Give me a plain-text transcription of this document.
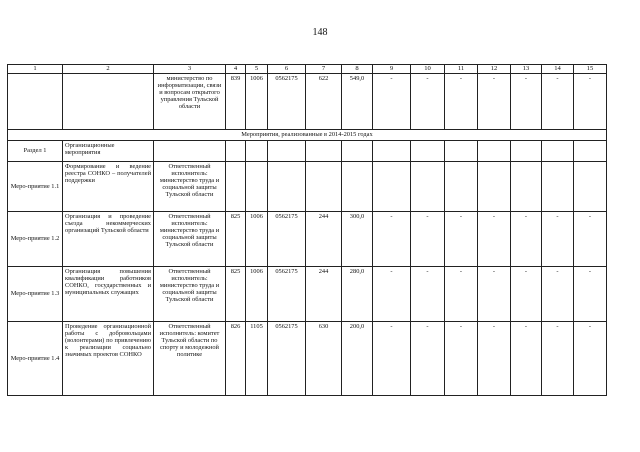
148
1	2	3	4	5	6	7	8	9	10	11	12	13	14	15
		министерство по информатизации, связи и вопросам открытого управления Тульской области	839	1006	0562175	622	549,0	-	-	-	-	-	-	-
Мероприятия, реализованные в 2014-2015 годах														
Раздел 1	Организационные мероприятия													
Меро-приятие 1.1	Формирование и ведение реестра СОНКО – получателей поддержки	Ответственный исполнитель: министерство труда и социальной защиты Тульской области												
Меро-приятие 1.2	Организация и проведение съезда некоммерческих организаций Тульской области	Ответственный исполнитель: министерство труда и социальной защиты Тульской области	825	1006	0562175	244	300,0	-	-	-	-	-	-	-
Меро-приятие 1.3	Организация повышения квалификации работников СОНКО, государственных и муниципальных служащих	Ответственный исполнитель: министерство труда и социальной защиты Тульской области	825	1006	0562175	244	280,0	-	-	-	-	-	-	-
Меро-приятие 1.4	Проведение организационной работы с добровольцами (волонтерами) по привлечению к реализации социально значимых проектов СОНКО	Ответственный исполнитель: комитет Тульской области по спорту и молодежной политике	826	1105	0562175	630	200,0	-	-	-	-	-	-	-
